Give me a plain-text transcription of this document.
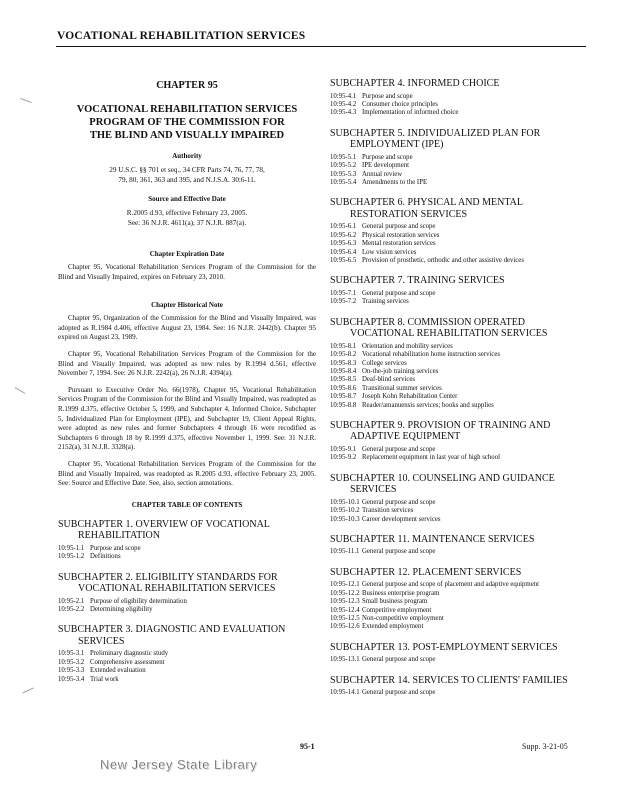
VOCATIONAL REHABILITATION SERVICES
CHAPTER 95
VOCATIONAL REHABILITATION SERVICES
PROGRAM OF THE COMMISSION FOR
THE BLIND AND VISUALLY IMPAIRED
Authority
29 U.S.C. §§ 701 et seq., 34 CFR Parts 74, 76, 77, 78,
79, 80, 361, 363 and 395, and N.J.S.A. 30:6-11.
Source and Effective Date
R.2005 d.93, effective February 23, 2005.
See: 36 N.J.R. 4611(a), 37 N.J.R. 887(a).
Chapter Expiration Date

Chapter 95, Vocational Rehabilitation Services Program of the Commission for the Blind and Visually Impaired, expires on February 23, 2010.

Chapter Historical Note

Chapter 95, Organization of the Commission for the Blind and Visually Impaired, was adopted as R.1984 d.406, effective August 23, 1984. See: 16 N.J.R. 2442(b). Chapter 95 expired on August 23, 1989.

Chapter 95, Vocational Rehabilitation Services Program of the Commission for the Blind and Visually Impaired, was adopted as new rules by R.1994 d.561, effective November 7, 1994. See: 26 N.J.R. 2242(a), 26 N.J.R. 4394(a).

Pursuant to Executive Order No. 66(1978), Chapter 95, Vocational Rehabilitation Services Program of the Commission for the Blind and Visually Impaired, was readopted as R.1999 d.375, effective October 5, 1999, and Subchapter 4, Informed Choice, Subchapter 5, Individualized Plan for Employment (IPE), and Subchapter 19, Client Appeal Rights, were adopted as new rules and former Subchapters 4 through 16 were recodified as Subchapters 6 through 18 by R.1999 d.375, effective November 1, 1999. See: 31 N.J.R. 2152(a), 31 N.J.R. 3328(a).

Chapter 95, Vocational Rehabilitation Services Program of the Commission for the Blind and Visually Impaired, was readopted as R.2005 d.93, effective February 23, 2005. See: Source and Effective Date. See, also, section annotations.

CHAPTER TABLE OF CONTENTS
SUBCHAPTER 1. OVERVIEW OF VOCATIONAL
REHABILITATION
10:95-1.1 Purpose and scope
10:95-1.2 Definitions
SUBCHAPTER 2. ELIGIBILITY STANDARDS FOR
VOCATIONAL REHABILITATION SERVICES
10:95-2.1 Purpose of eligibility determination
10:95-2.2 Determining eligibility
SUBCHAPTER 3. DIAGNOSTIC AND EVALUATION
SERVICES
10:95-3.1 Preliminary diagnostic study
10:95-3.2 Comprehensive assessment
10:95-3.3 Extended evaluation
10:95-3.4 Trial work
SUBCHAPTER 4. INFORMED CHOICE
10:95-4.1 Purpose and scope
10:95-4.2 Consumer choice principles
10:95-4.3 Implementation of informed choice
SUBCHAPTER 5. INDIVIDUALIZED PLAN FOR
EMPLOYMENT (IPE)
10:95-5.1 Purpose and scope
10:95-5.2 IPE development
10:95-5.3 Annual review
10:95-5.4 Amendments to the IPE
SUBCHAPTER 6. PHYSICAL AND MENTAL
RESTORATION SERVICES
10:95-6.1 General purpose and scope
10:95-6.2 Physical restoration services
10:95-6.3 Mental restoration services
10:95-6.4 Low vision services
10:95-6.5 Provision of prosthetic, orthodic and other assistive devices
SUBCHAPTER 7. TRAINING SERVICES
10:95-7.1 General purpose and scope
10:95-7.2 Training services
SUBCHAPTER 8. COMMISSION OPERATED
VOCATIONAL REHABILITATION SERVICES
10:95-8.1 Orientation and mobility services
10:95-8.2 Vocational rehabilitation home instruction services
10:95-8.3 College services
10:95-8.4 On-the-job training services
10:95-8.5 Deaf-blind services
10:95-8.6 Transitional summer services
10:95-8.7 Joseph Kohn Rehabilitation Center
10:95-8.8 Reader/amanuensis services; books and supplies
SUBCHAPTER 9. PROVISION OF TRAINING AND
ADAPTIVE EQUIPMENT
10:95-9.1 General purpose and scope
10:95-9.2 Replacement equipment in last year of high school
SUBCHAPTER 10. COUNSELING AND GUIDANCE
SERVICES
10:95-10.1 General purpose and scope
10:95-10.2 Transition services
10:95-10.3 Career development services
SUBCHAPTER 11. MAINTENANCE SERVICES
10:95-11.1 General purpose and scope
SUBCHAPTER 12. PLACEMENT SERVICES
10:95-12.1 General purpose and scope of placement and adaptive equipment
10:95-12.2 Business enterprise program
10:95-12.3 Small business program
10:95-12.4 Competitive employment
10:95-12.5 Non-competitive employment
10:95-12.6 Extended employment
SUBCHAPTER 13. POST-EMPLOYMENT SERVICES
10:95-13.1 General purpose and scope
SUBCHAPTER 14. SERVICES TO CLIENTS' FAMILIES
10:95-14.1 General purpose and scope
95-1	Supp. 3-21-05
New Jersey State Library
